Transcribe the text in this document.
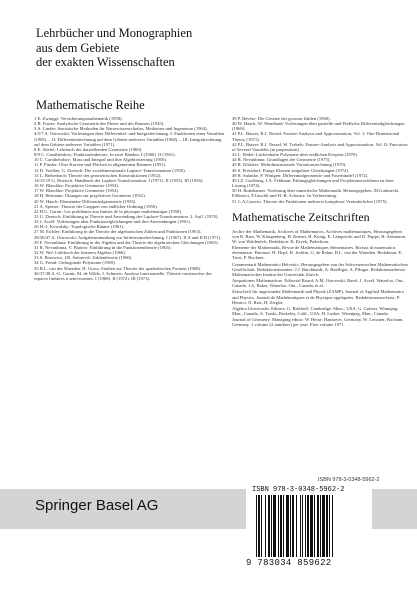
Lehrbücher und Monographien
aus dem Gebiete
der exakten Wissenschaften
Mathematische Reihe
1 E. Zwinggi: Versicherungsmathematik (1958).
2 B. Fuster: Analytische Geometrie der Ebene und des Raumes (1945).
3 A. Linder: Statistische Methoden für Naturwissenschafter, Mediziner und Ingenieure (1964).
4/5/7 A. Ostrowski: Vorlesungen über Differential- und Integralrechnung. I: Funktionen einer Variablen (1965). – II: Differentialrechnung auf dem Gebiete mehrerer Variablen (1968). – III: Integralrechnung auf dem Gebiete mehrerer Variablen (1971).
6 E. Stiefel: Lehrbuch der darstellenden Geometrie (1960).
8/9 C. Carathéodory: Funktionentheorie. In zwei Bänden. I (1960). II (1961).
10 C. Carathéodory: Mass und Integral und ihre Algebraisierung (1956).
11 P. Finsler: Über Kurven und Flächen in allgemeinen Räumen (1951).
12 D. Voelker, G. Doetsch: Die zweidimensionale Laplace-Transformation (1950).
13 L. Bieberbach: Theorie der geometrischen Konstruktionen (1952).
14/15/19 G. Doetsch: Handbuch der Laplace-Transformation. I (1971). II (1955). III (1956).
16 W. Blaschke: Projektive Geometrie (1954).
17 W. Blaschke: Projektive Geometrie (1954).
18 H. Hermann: Übungen zur projektiven Geometrie (1952).
20 W. Haack: Elementare Differentialgeometrie (1955).
21 A. Speiser: Theorie der Gruppen von endlicher Ordnung (1956).
22 H.G. Garnir: Les problèmes aux limites de la physique mathématique (1958).
23 G. Doetsch: Einführung in Theorie und Anwendung der Laplace-Transformation. 2. Aufl. (1970).
25 J. Aczél: Vorlesungen über Funktionalgleichungen und ihre Anwendungen (1961).
26 H.-J. Kowalsky: Topologische Räume (1961).
27 M. Eichler: Einführung in die Theorie der algebraischen Zahlen und Funktionen (1963).
28/30/47 A. Ostrowski: Aufgabensammlung zur Infinitesimalrechnung. I (1967). II A und II B (1971).
29 F. Nevanlinna: Einführung in die Algebra und die Theorie der algebraischen Gleichungen (1965).
31 R. Nevanlinna, V. Paatero: Einführung in die Funktionentheorie (1965).
32 W. Nef: Lehrbuch der linearen Algebra (1966).
33 S. Borewicz, I.R. Šafarevič: Zahlentheorie (1966).
34 G. Freud: Orthogonale Polynome (1969).
35 B.L. van der Waerden, H. Gross: Studien zur Theorie der quadratischen Formen (1968).
36/37/38 A.-G. Garnir, M. de Wilde, J. Schmets: Analyse fonctionnelle. Théorie constructive des espaces linéaires à semi-normes. I (1968). II (1972). III (1973).
39 P. Révész: Die Gesetze der grossen Zahlen (1968).
40 W. Haack, W. Wendland: Vorlesungen über partielle und Pfaffsche Differentialgleichungen (1969).
41 P.L. Butzer, R.J. Nessel: Fourier-Analysis and Approximation, Vol. 1: One-Dimensional Theory (1971).
42 P.L. Butzer, R.J. Nessel, W. Trebels: Fourier-Analysis and Approximation, Vol. II: Functions of Several Variables (in preparation).
43 L. Rédei: Lückenhafte Polynome über endlichen Körpern (1970).
44 R. Nevanlinna: Grundlagen der Geometrie (1975).
45 R. Klötzler: Mehrdimensionale Variationsrechnung (1970).
46 S. Prössdorf: Einige Klassen singulärer Gleichungen (1974).
48 R. Sulanke, P. Wintgen: Differentialgeometrie und Faserbündel (1972).
49 I.Z. Gochberg, I.A. Feldman: Faltungsgleichungen und Projektionsverfahren zu ihrer Lösung (1974).
50 H. Rutishauser: Vorlesung über numerische Mathematik. Herausgegeben: M.Gutknecht, P.Henrici, P.Läuchli und H.-R. Schwarz. In Vorbereitung.
51 C.A.Caracio: Theorie der Funktionen mehrerer komplexer Veränderlicher (1975).
Mathematische Zeitschriften
Archiv der Mathematik, Archives of Mathematics, Archives mathématiques, Herausgegeben von R. Baer, W. Klingenberg, H. Kneser, H. König, E. Lamprecht und D. Puppe, H. Salzmann, W. von Waldenfels. Redaktion: K. Kiyek, Paderborn.
Elemente der Mathematik, Revue de Mathématiques élémentaires, Rivista di matematica elementare. Patronat: H. Hopf, H. Jecklin, G. de Rahm, B.L. van der Waerden. Redaktion: E. Trost, P. Buchner.
Commentarii Mathematici Helvetici, Herausgegeben von der Schweizerischen Mathematischen Gesellschaft. Redaktionskomitee: J.J. Burckhardt, A. Haefliger, A. Pfluger. Redaktionsadresse: Mathematisches Institut der Universität Zürich.
Aequationes Mathematicae. Editorial Board: A.M. Ostrowski, Basel, J. Aczél, Waterloo, Ont., Canada, J.A. Baker, Waterloo, Ont., Canada, et al.
Zeitschrift für angewandte Mathematik und Physik (ZAMP), Journal of Applied Mathematics and Physics, Journal de Mathématiques et de Physique appliquées. Redaktionsausschuss: P. Henrici, N. Rott, H. Ziegler.
Algebra Universalis. Editors: G. Birkhoff, Cambridge, Mass., USA, G. Grätzer, Winnipeg, Man., Canada, A. Tarski, Berkeley, Calif., USA, H. Lasker, Winnipeg, Man., Canada.
Journal of Geometry. Managing editor: W. Heise, Hannover, Germany, W. Leissner, Bochum, Germany. 1 volume (2 numbers) per year. First volume 1971.
ISBN 978-3-0348-5962-2
Springer Basel AG
ISBN 978-3-0348-5962-2
9 783034 859622
